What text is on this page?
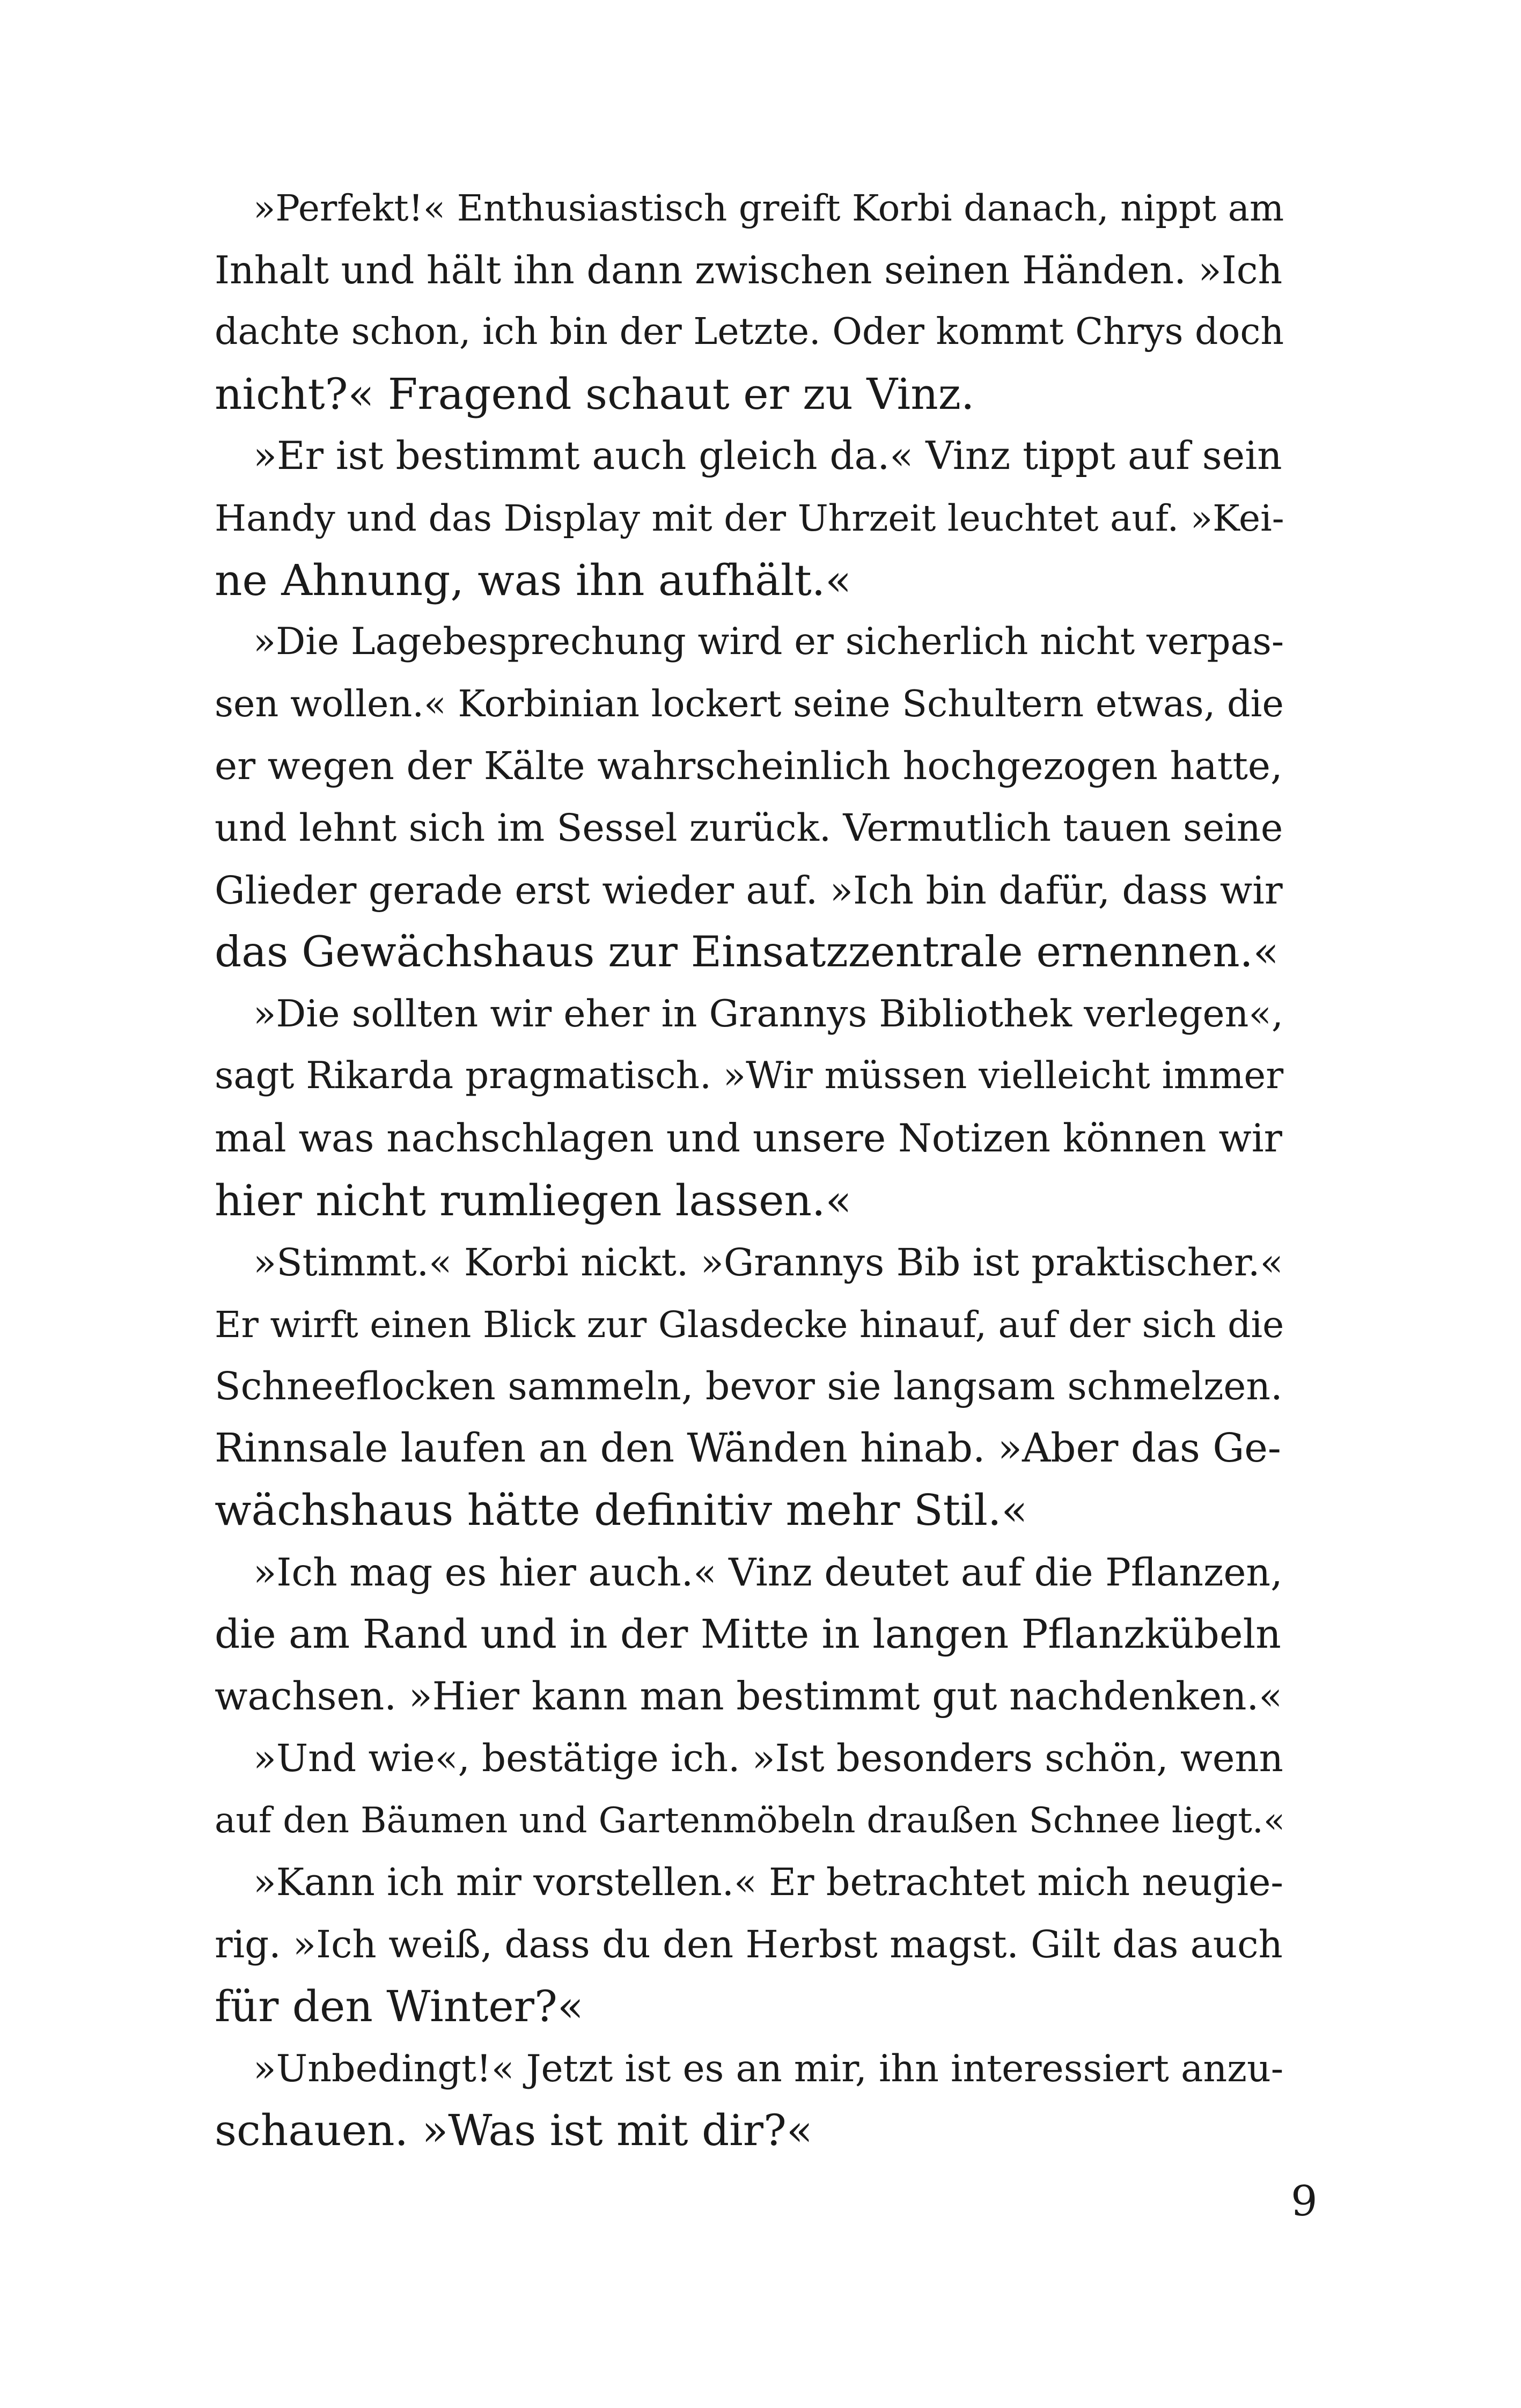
»Perfekt!« Enthusiastisch greift Korbi danach, nippt am
Inhalt und hält ihn dann zwischen seinen Händen. »Ich
dachte schon, ich bin der Letzte. Oder kommt Chrys doch
nicht?« Fragend schaut er zu Vinz.

»Er ist bestimmt auch gleich da.« Vinz tippt auf sein
Handy und das Display mit der Uhrzeit leuchtet auf. »Kei-
ne Ahnung, was ihn aufhält.«

»Die Lagebesprechung wird er sicherlich nicht verpas-
sen wollen.« Korbinian lockert seine Schultern etwas, die
er wegen der Kälte wahrscheinlich hochgezogen hatte,
und lehnt sich im Sessel zurück. Vermutlich tauen seine
Glieder gerade erst wieder auf. »Ich bin dafür, dass wir
das Gewächshaus zur Einsatzzentrale ernennen.«

»Die sollten wir eher in Grannys Bibliothek verlegen«,
sagt Rikarda pragmatisch. »Wir müssen vielleicht immer
mal was nachschlagen und unsere Notizen können wir
hier nicht rumliegen lassen.«

»Stimmt.« Korbi nickt. »Grannys Bib ist praktischer.«
Er wirft einen Blick zur Glasdecke hinauf, auf der sich die
Schneeflocken sammeln, bevor sie langsam schmelzen.
Rinnsale laufen an den Wänden hinab. »Aber das Ge-
wächshaus hätte definitiv mehr Stil.«

»Ich mag es hier auch.« Vinz deutet auf die Pflanzen,
die am Rand und in der Mitte in langen Pflanzkübeln
wachsen. »Hier kann man bestimmt gut nachdenken.«

»Und wie«, bestätige ich. »Ist besonders schön, wenn
auf den Bäumen und Gartenmöbeln draußen Schnee liegt.«

»Kann ich mir vorstellen.« Er betrachtet mich neugie-
rig. »Ich weiß, dass du den Herbst magst. Gilt das auch
für den Winter?«

»Unbedingt!« Jetzt ist es an mir, ihn interessiert anzu-
schauen. »Was ist mit dir?«

9
